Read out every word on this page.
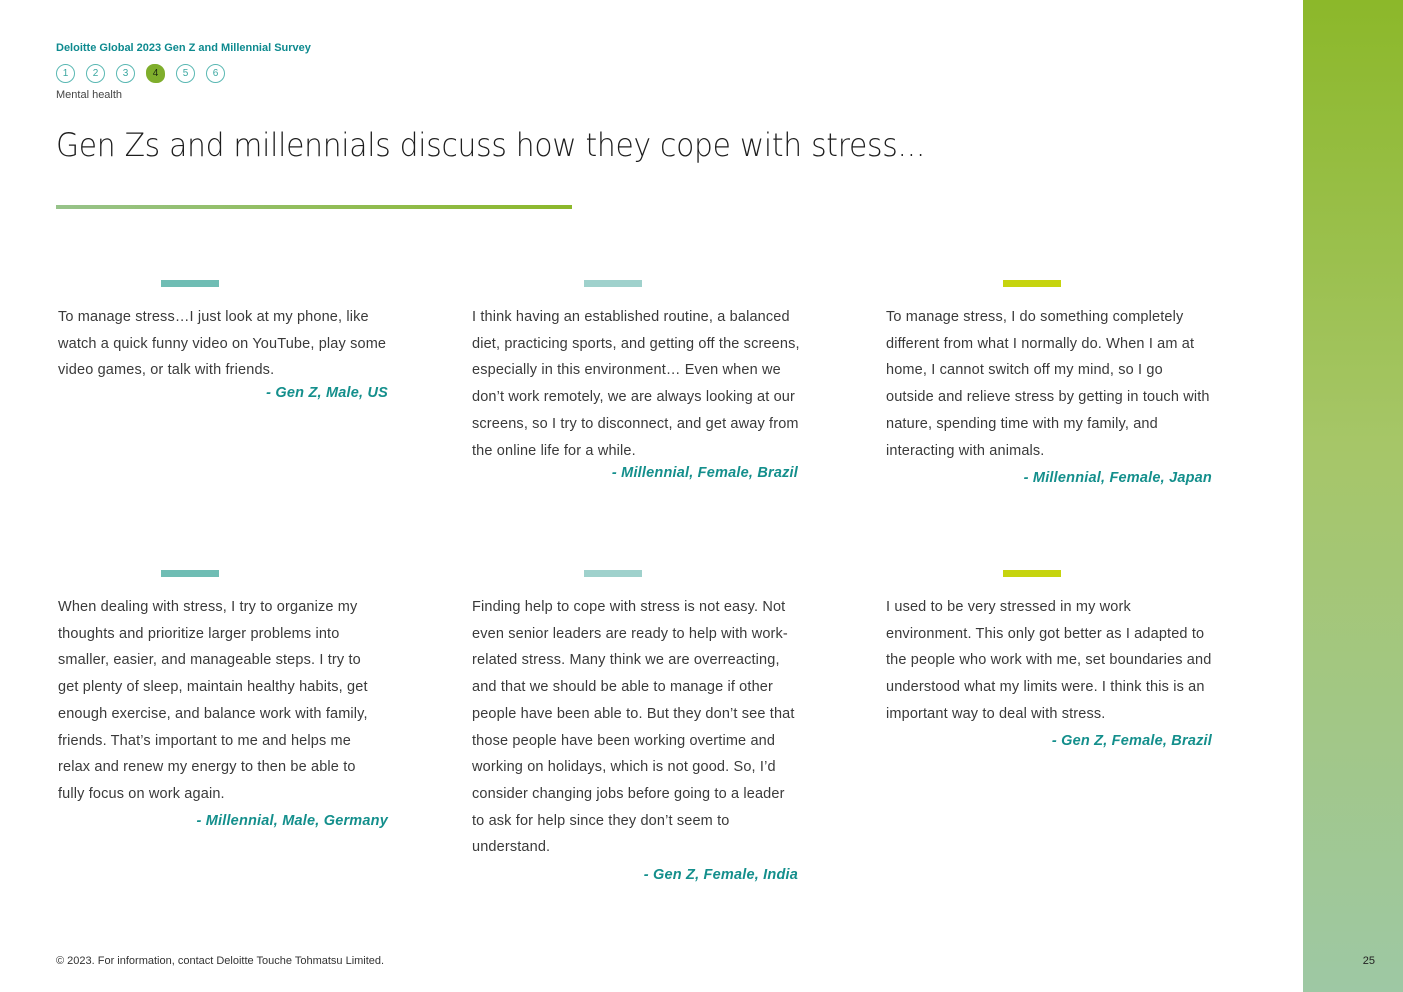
Deloitte Global 2023 Gen Z and Millennial Survey
1	2	3	4	5	6
Mental health
Gen Zs and millennials discuss how they cope with stress...

To manage stress…I just look at my phone, like watch a quick funny video on YouTube, play some video games, or talk with friends.

- Gen Z, Male, US

I think having an established routine, a balanced diet, practicing sports, and getting off the screens, especially in this environment… Even when we don’t work remotely, we are always looking at our screens, so I try to disconnect, and get away from the online life for a while.

- Millennial, Female, Brazil

To manage stress, I do something completely different from what I normally do. When I am at home, I cannot switch off my mind, so I go outside and relieve stress by getting in touch with nature, spending time with my family, and interacting with animals.

- Millennial, Female, Japan

When dealing with stress, I try to organize my thoughts and prioritize larger problems into smaller, easier, and manageable steps. I try to get plenty of sleep, maintain healthy habits, get enough exercise, and balance work with family, friends. That’s important to me and helps me relax and renew my energy to then be able to fully focus on work again.

- Millennial, Male, Germany

Finding help to cope with stress is not easy. Not even senior leaders are ready to help with work-related stress. Many think we are overreacting, and that we should be able to manage if other people have been able to. But they don’t see that those people have been working overtime and working on holidays, which is not good. So, I’d consider changing jobs before going to a leader to ask for help since they don’t seem to understand.

- Gen Z, Female, India

I used to be very stressed in my work environment. This only got better as I adapted to the people who work with me, set boundaries and understood what my limits were. I think this is an important way to deal with stress.

- Gen Z, Female, Brazil

© 2023. For information, contact Deloitte Touche Tohmatsu Limited.	25
